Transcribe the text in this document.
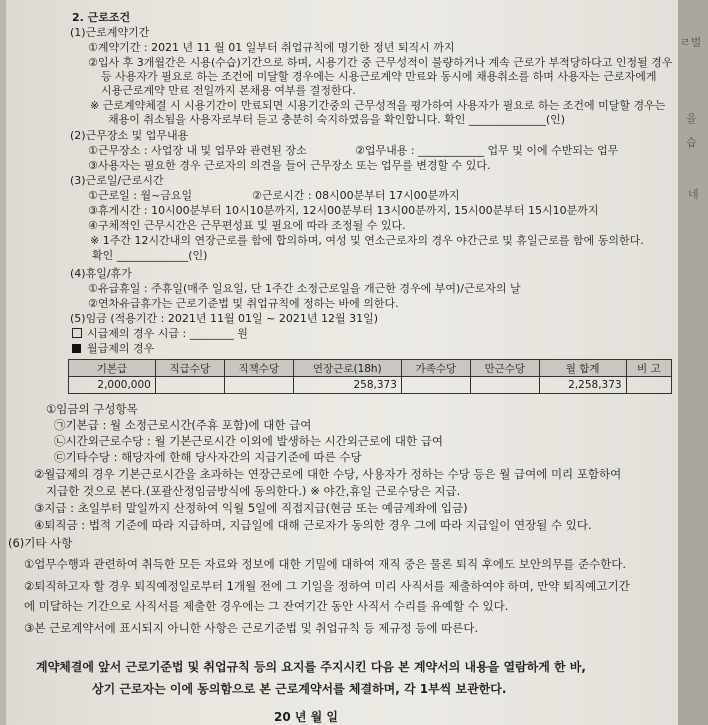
2. 근로조건
(1)근로계약기간
①계약기간 : 2021 년 11 월 01 일부터 취업규칙에 명기한 정년 퇴직시 까지
②입사 후 3개월간은 시용(수습)기간으로 하며, 시용기간 중 근무성적이 불량하거나 계속 근로가 부적당하다고 인정될 경우
등 사용자가 필요로 하는 조건에 미달할 경우에는 시용근로계약 만료와 동시에 채용취소를 하며 사용자는 근로자에게
시용근로계약 만료 전일까지 본채용 여부를 결정한다.
※ 근로계약체결 시 시용기간이 만료되면 시용기간중의 근무성적을 평가하여 사용자가 필요로 하는 조건에 미달할 경우는
채용이 취소됨을 사용자로부터 듣고 충분히 숙지하였음을 확인합니다. 확인 ______________(인)
(2)근무장소 및 업무내용
①근무장소 : 사업장 내 및 업무와 관련된 장소	②업무내용 : ____________ 업무 및 이에 수반되는 업무
③사용자는 필요한 경우 근로자의 의견을 들어 근무장소 또는 업무를 변경할 수 있다.
(3)근로일/근로시간
①근로일 : 월~금요일	②근로시간 : 08시00분부터 17시00분까지
③휴게시간 : 10시00분부터 10시10분까지, 12시00분부터 13시00분까지, 15시00분부터 15시10분까지
④구체적인 근무시간은 근무편성표 및 필요에 따라 조정될 수 있다.
※ 1주간 12시간내의 연장근로를 함에 합의하며, 여성 및 연소근로자의 경우 야간근로 및 휴일근로를 함에 동의한다.
확인 _____________(인)
(4)휴일/휴가
①유급휴일 : 주휴일(매주 일요일, 단 1주간 소정근로일을 개근한 경우에 부여)/근로자의 날
②연차유급휴가는 근로기준법 및 취업규칙에 정하는 바에 의한다.
(5)임금 (적용기간 : 2021년 11월 01일 ~ 2021년 12월 31일)
시급제의 경우 시급 : ________ 원
월급제의 경우
기본급	직급수당	직책수당	연장근로(18h)	가족수당	만근수당	월 합계	비 고
2,000,000			258,373			2,258,373	
①임금의 구성항목
㉠기본급 : 월 소정근로시간(주휴 포함)에 대한 급여
㉡시간외근로수당 : 월 기본근로시간 이외에 발생하는 시간외근로에 대한 급여
㉢기타수당 : 해당자에 한해 당사자간의 지급기준에 따른 수당
②월급제의 경우 기본근로시간을 초과하는 연장근로에 대한 수당, 사용자가 정하는 수당 등은 월 급여에 미리 포함하여
지급한 것으로 본다.(포괄산정임금방식에 동의한다.) ※ 야간,휴일 근로수당은 지급.
③지급 : 초일부터 말일까지 산정하여 익월 5일에 직접지급(현금 또는 예금계좌에 입금)
④퇴직금 : 법적 기준에 따라 지급하며, 지급일에 대해 근로자가 동의한 경우 그에 따라 지급일이 연장될 수 있다.
(6)기타 사항
①업무수행과 관련하여 취득한 모든 자료와 정보에 대한 기밀에 대하여 재직 중은 물론 퇴직 후에도 보안의무를 준수한다.
②퇴직하고자 할 경우 퇴직예정일로부터 1개월 전에 그 기일을 정하여 미리 사직서를 제출하여야 하며, 만약 퇴직예고기간
에 미달하는 기간으로 사직서를 제출한 경우에는 그 잔여기간 동안 사직서 수리를 유예할 수 있다.
③본 근로계약서에 표시되지 아니한 사항은 근로기준법 및 취업규칙 등 제규정 등에 따른다.
계약체결에 앞서 근로기준법 및 취업규칙 등의 요지를 주지시킨 다음 본 계약서의 내용을 열람하게 한 바,
상기 근로자는 이에 동의함으로 본 근로계약서를 체결하며, 각 1부씩 보관한다.
20 년 월 일
ㄹ벌
을
습
네
